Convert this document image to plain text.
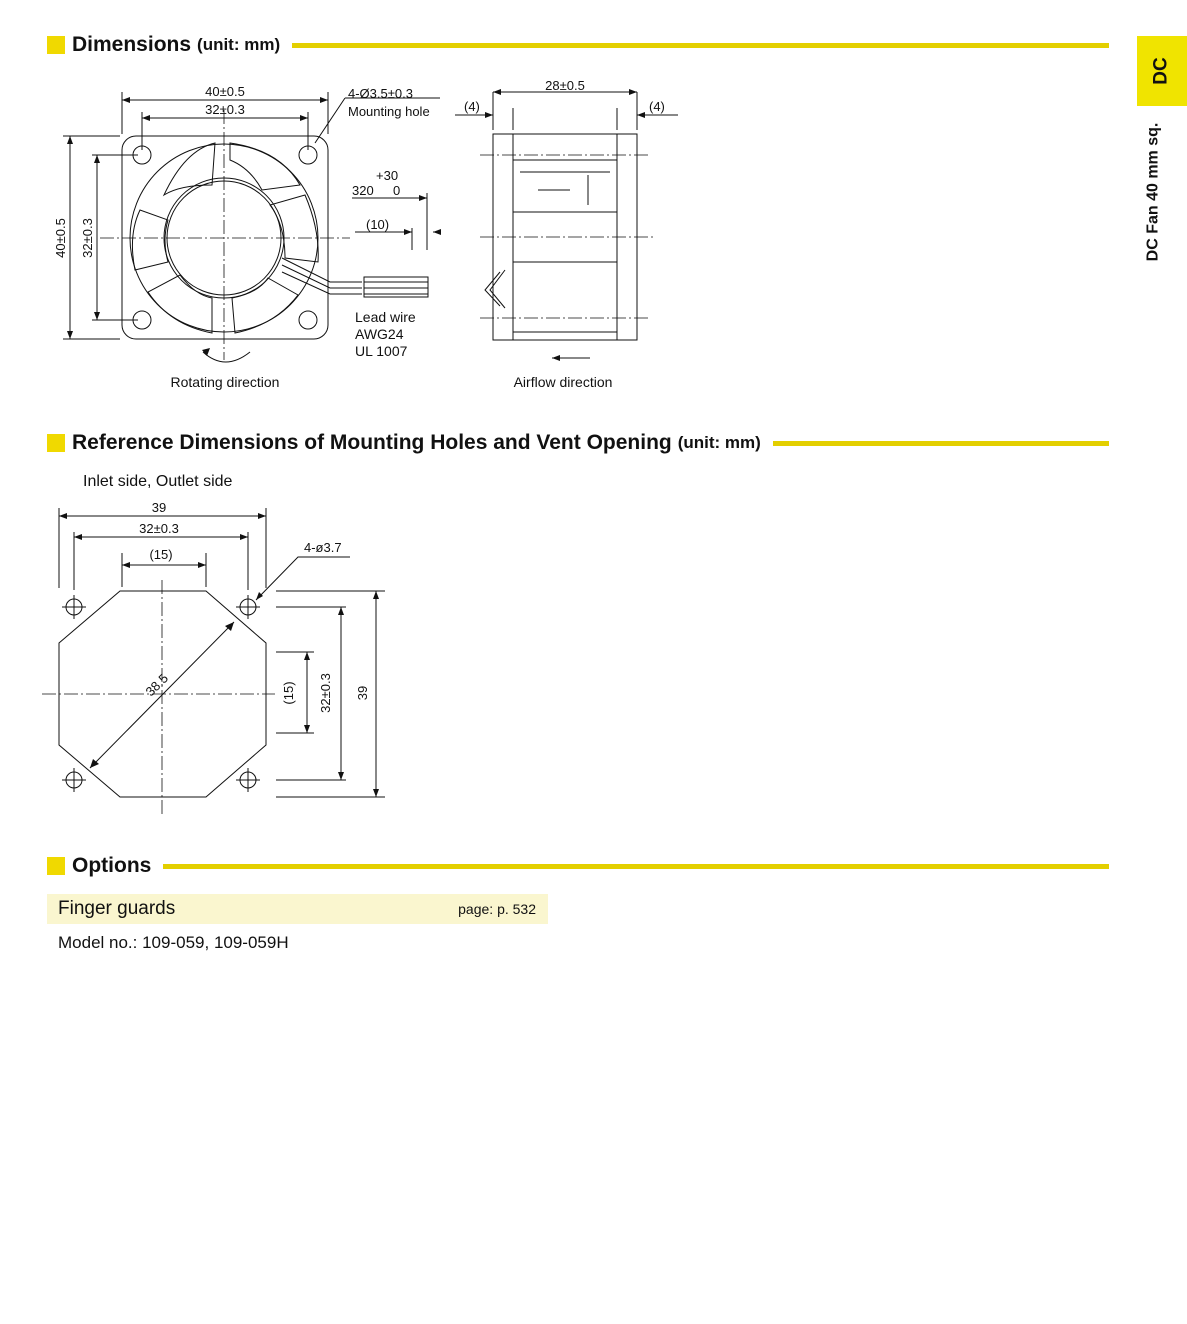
Dimensions (unit: mm)
DC
DC Fan 40 mm sq.
40±0.5
32±0.3
4-Ø3.5±0.3
Mounting hole
40±0.5 32±0.3
+30
320 0
(10)
Lead wire
AWG24
UL 1007
Rotating direction
28±0.5
(4)	(4)
Airflow direction
Reference Dimensions of Mounting Holes and Vent Opening (unit: mm)
Inlet side, Outlet side
39
32±0.3
(15)	4-ø3.7
38.5	(15) 32±0.3 39
Options
Finger guards	page: p. 532
Model no.: 109-059, 109-059H
